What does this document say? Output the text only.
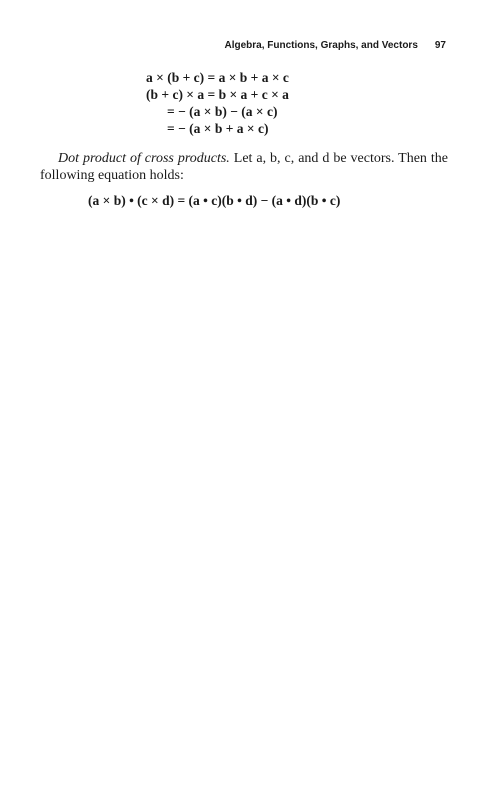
Algebra, Functions, Graphs, and Vectors 97
a × (b + c) = a × b + a × c
(b + c) × a = b × a + c × a
= − (a × b) − (a × c)
= − (a × b + a × c)
Dot product of cross products. Let a, b, c, and d be vectors. Then the following equation holds:
(a × b) • (c × d) = (a • c)(b • d) − (a • d)(b • c)
